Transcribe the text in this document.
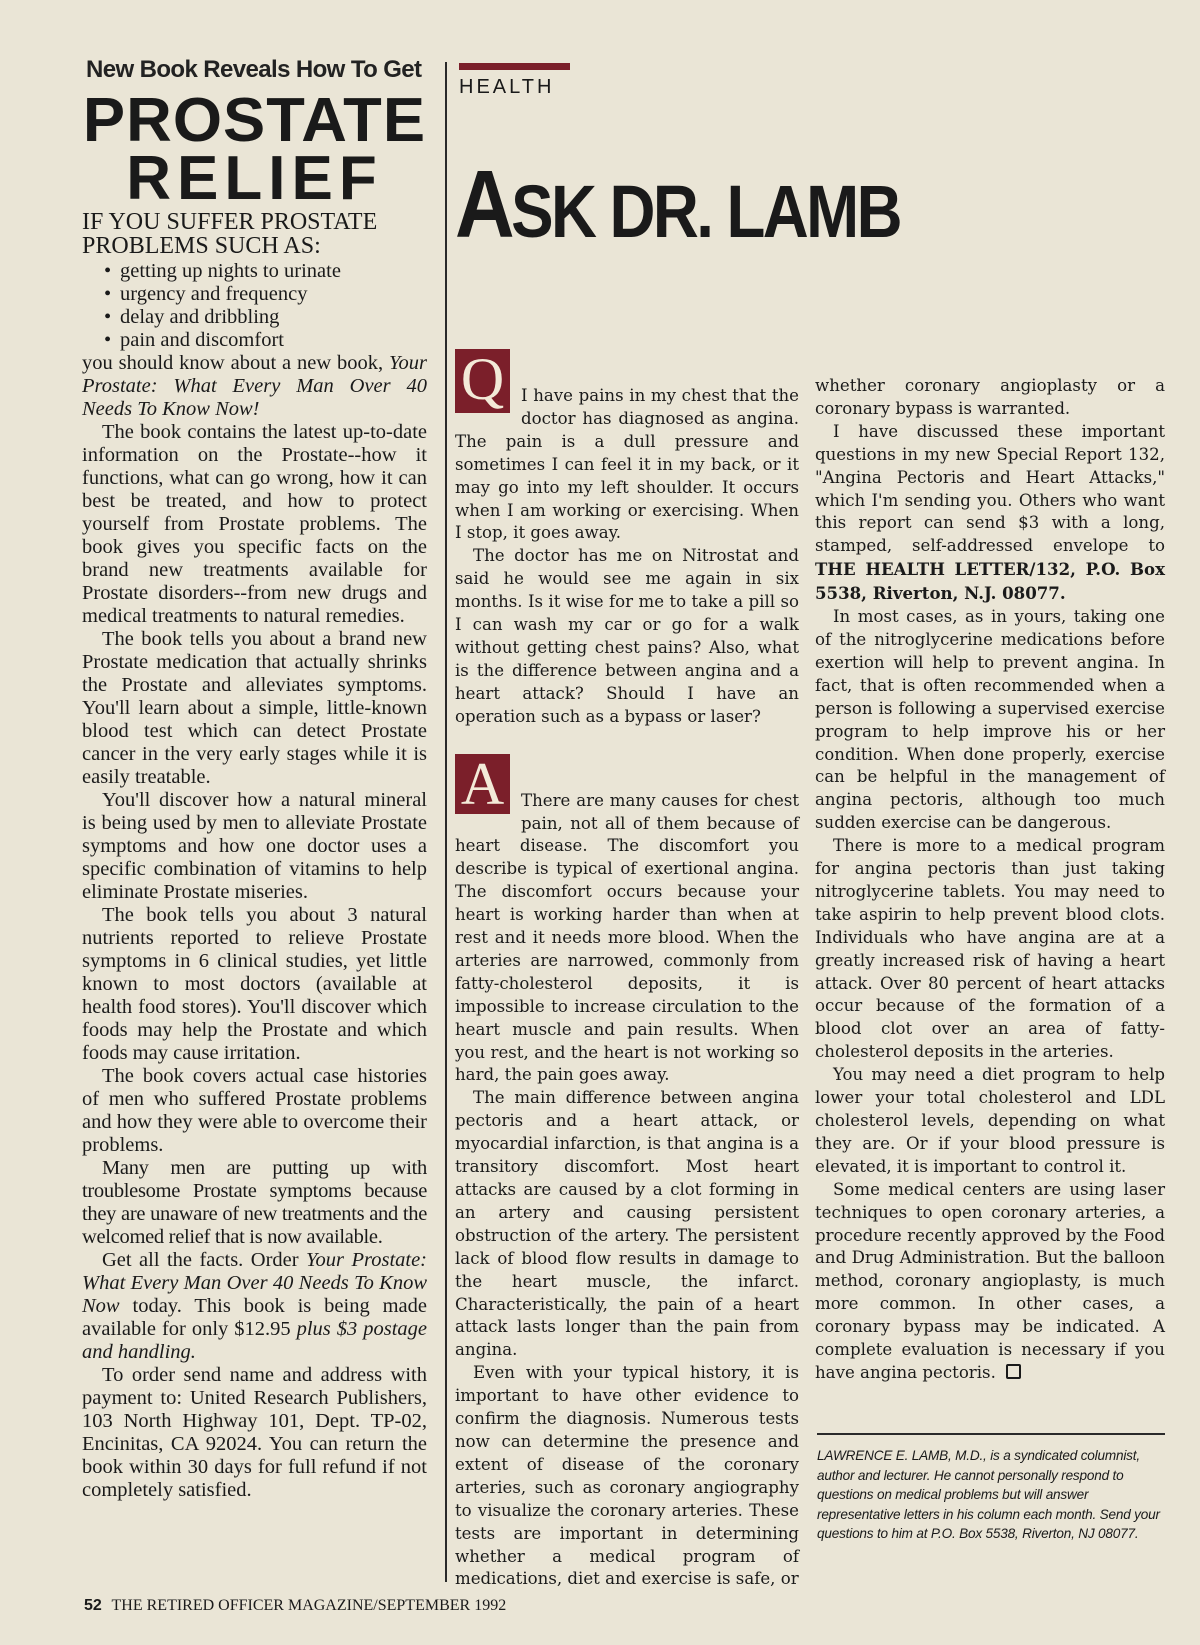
New Book Reveals How To Get
PROSTATE
RELIEF
IF YOU SUFFER PROSTATE
PROBLEMS SUCH AS:
• getting up nights to urinate
• urgency and frequency
• delay and dribbling
• pain and discomfort

you should know about a new book, Your Prostate: What Every Man Over 40 Needs To Know Now!

The book contains the latest up-to-date information on the Prostate--how it functions, what can go wrong, how it can best be treated, and how to protect yourself from Prostate problems. The book gives you specific facts on the brand new treatments available for Prostate disorders--from new drugs and medical treatments to natural remedies.

The book tells you about a brand new Prostate medication that actually shrinks the Prostate and alleviates symptoms. You'll learn about a simple, little-known blood test which can detect Prostate cancer in the very early stages while it is easily treatable.

You'll discover how a natural mineral is being used by men to alleviate Prostate symptoms and how one doctor uses a specific combination of vitamins to help eliminate Prostate miseries.

The book tells you about 3 natural nutrients reported to relieve Prostate symptoms in 6 clinical studies, yet little known to most doctors (available at health food stores). You'll discover which foods may help the Prostate and which foods may cause irritation.

The book covers actual case histories of men who suffered Prostate problems and how they were able to overcome their problems.

Many men are putting up with troublesome Prostate symptoms because they are unaware of new treatments and the welcomed relief that is now available.

Get all the facts. Order Your Prostate: What Every Man Over 40 Needs To Know Now today. This book is being made available for only $12.95 plus $3 postage and handling.

To order send name and address with payment to: United Research Publishers, 103 North Highway 101, Dept. TP-02, Encinitas, CA 92024. You can return the book within 30 days for full refund if not completely satisfied.

HEALTH
ASK DR. LAMB

Q	I have pains in my chest that the doctor has diagnosed as angina. The pain is a dull pressure and sometimes I can feel it in my back, or it may go into my left shoulder. It occurs when I am working or exercising. When I stop, it goes away.

The doctor has me on Nitrostat and said he would see me again in six months. Is it wise for me to take a pill so I can wash my car or go for a walk without getting chest pains? Also, what is the difference between angina and a heart attack? Should I have an operation such as a bypass or laser?

A	There are many causes for chest pain, not all of them because of heart disease. The discomfort you describe is typical of exertional angina. The discomfort occurs because your heart is working harder than when at rest and it needs more blood. When the arteries are narrowed, commonly from fatty-cholesterol deposits, it is impossible to increase circulation to the heart muscle and pain results. When you rest, and the heart is not working so hard, the pain goes away.

The main difference between angina pectoris and a heart attack, or myocardial infarction, is that angina is a transitory discomfort. Most heart attacks are caused by a clot forming in an artery and causing persistent obstruction of the artery. The persistent lack of blood flow results in damage to the heart muscle, the infarct. Characteristically, the pain of a heart attack lasts longer than the pain from angina.

Even with your typical history, it is important to have other evidence to confirm the diagnosis. Numerous tests now can determine the presence and extent of disease of the coronary arteries, such as coronary angiography to visualize the coronary arteries. These tests are important in determining whether a medical program of medications, diet and exercise is safe, or

whether coronary angioplasty or a coronary bypass is warranted.

I have discussed these important questions in my new Special Report 132, "Angina Pectoris and Heart Attacks," which I'm sending you. Others who want this report can send $3 with a long, stamped, self-addressed envelope to THE HEALTH LETTER/132, P.O. Box 5538, Riverton, N.J. 08077.

In most cases, as in yours, taking one of the nitroglycerine medications before exertion will help to prevent angina. In fact, that is often recommended when a person is following a supervised exercise program to help improve his or her condition. When done properly, exercise can be helpful in the management of angina pectoris, although too much sudden exercise can be dangerous.

There is more to a medical program for angina pectoris than just taking nitroglycerine tablets. You may need to take aspirin to help prevent blood clots. Individuals who have angina are at a greatly increased risk of having a heart attack. Over 80 percent of heart attacks occur because of the formation of a blood clot over an area of fatty-cholesterol deposits in the arteries.

You may need a diet program to help lower your total cholesterol and LDL cholesterol levels, depending on what they are. Or if your blood pressure is elevated, it is important to control it.

Some medical centers are using laser techniques to open coronary arteries, a procedure recently approved by the Food and Drug Administration. But the balloon method, coronary angioplasty, is much more common. In other cases, a coronary bypass may be indicated. A complete evaluation is necessary if you have angina pectoris.

LAWRENCE E. LAMB, M.D., is a syndicated columnist, author and lecturer. He cannot personally respond to questions on medical problems but will answer representative letters in his column each month. Send your questions to him at P.O. Box 5538, Riverton, NJ 08077.
52 THE RETIRED OFFICER MAGAZINE/SEPTEMBER 1992
